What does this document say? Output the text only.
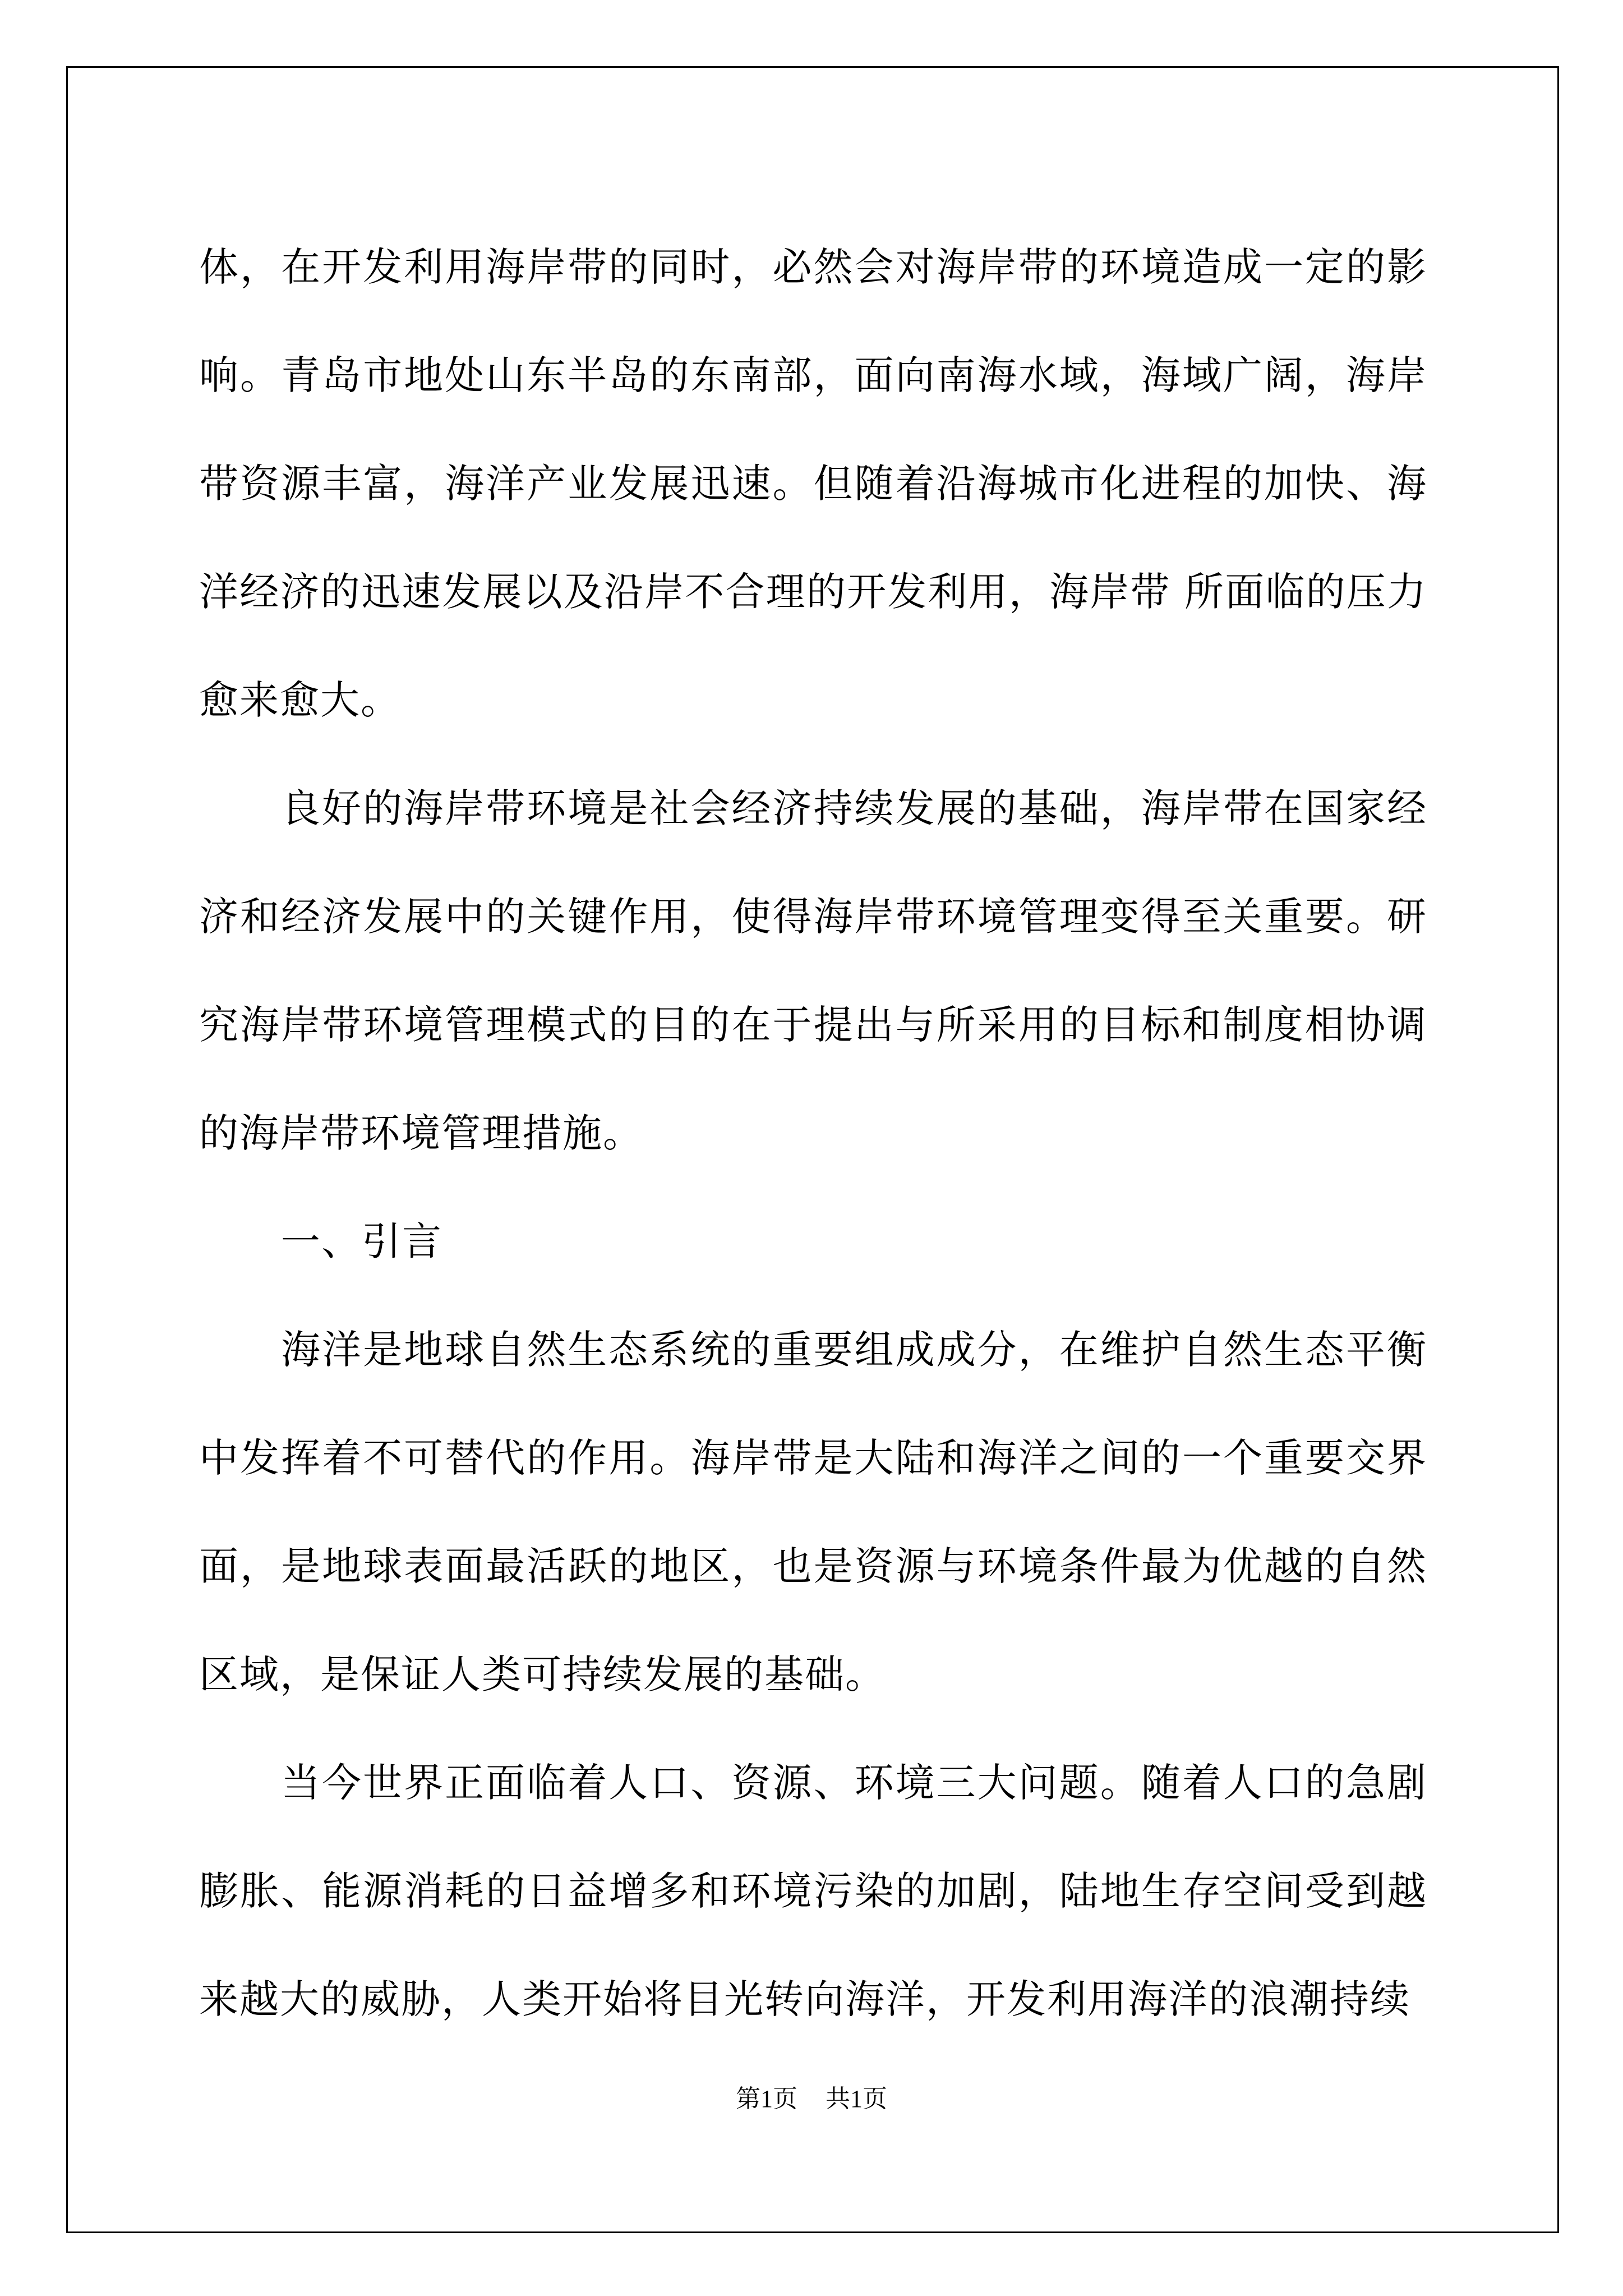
体，在开发利用海岸带的同时，必然会对海岸带的环境造成一定的影响。青岛市地处山东半岛的东南部，面向南海水域，海域广阔，海岸带资源丰富，海洋产业发展迅速。但随着沿海城市化进程的加快、海洋经济的迅速发展以及沿岸不合理的开发利用，海岸带 所面临的压力愈来愈大。

良好的海岸带环境是社会经济持续发展的基础，海岸带在国家经济和经济发展中的关键作用，使得海岸带环境管理变得至关重要。研究海岸带环境管理模式的目的在于提出与所采用的目标和制度相协调的海岸带环境管理措施。

一、引言

海洋是地球自然生态系统的重要组成成分，在维护自然生态平衡中发挥着不可替代的作用。海岸带是大陆和海洋之间的一个重要交界面，是地球表面最活跃的地区，也是资源与环境条件最为优越的自然区域，是保证人类可持续发展的基础。

当今世界正面临着人口、资源、环境三大问题。随着人口的急剧膨胀、能源消耗的日益增多和环境污染的加剧，陆地生存空间受到越来越大的威胁，人类开始将目光转向海洋，开发利用海洋的浪潮持续

第1页 共1页
